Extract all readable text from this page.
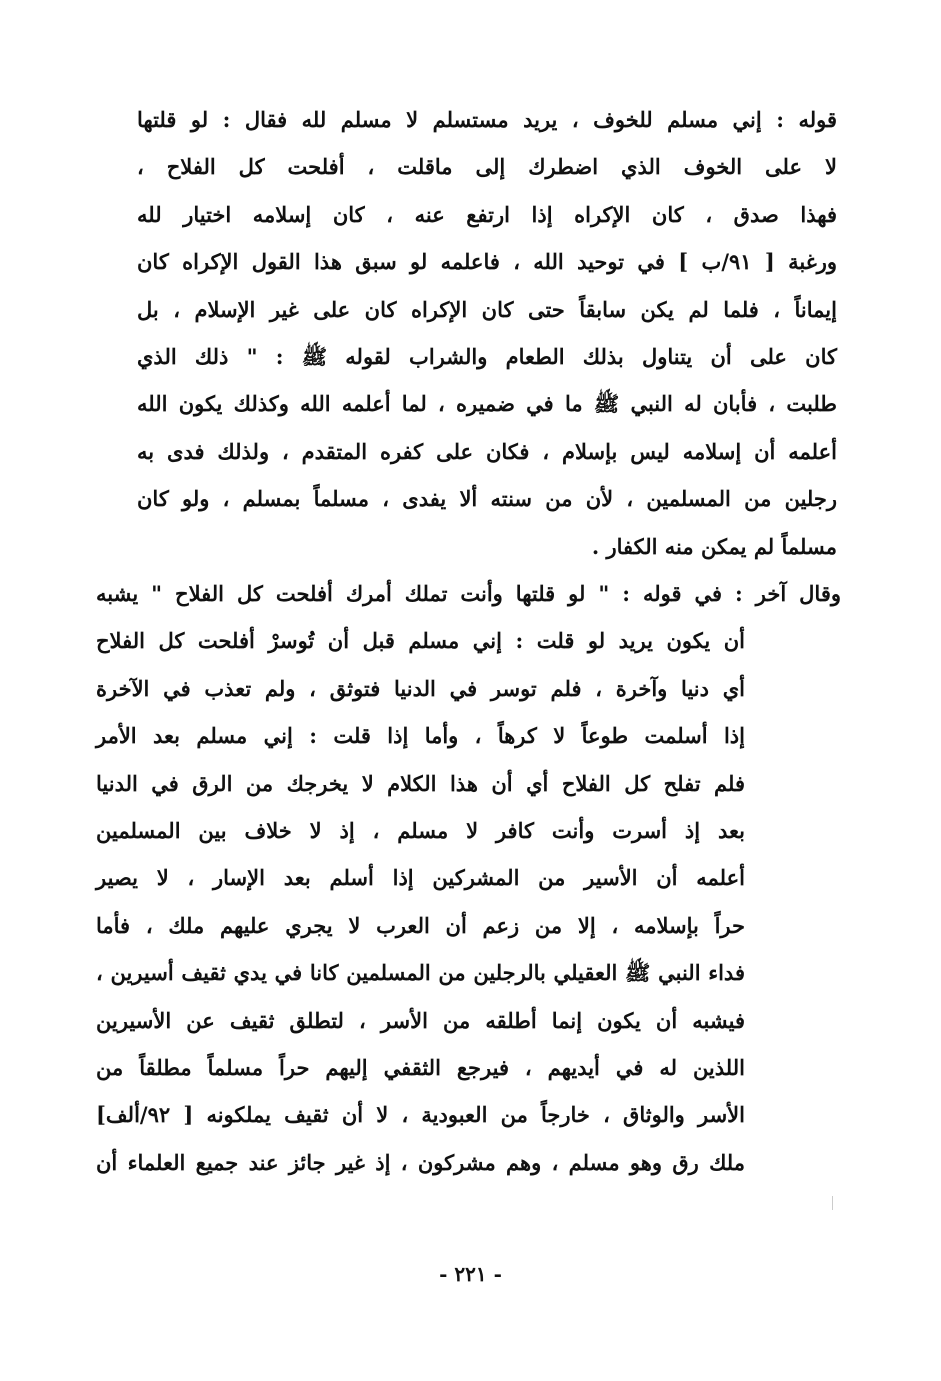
قوله : إني مسلم للخوف ، يريد مستسلم لا مسلم لله فقال : لو قلتها
لا على الخوف الذي اضطرك إلى ماقلت ، أفلحت كل الفلاح ،
فهذا صدق ، كان الإكراه إذا ارتفع عنه ، كان إسلامه اختيار لله
ورغبة [ ٩١/ب ] في توحيد الله ، فاعلمه لو سبق هذا القول الإكراه كان
إيماناً ، فلما لم يكن سابقاً حتى كان الإكراه كان على غير الإسلام ، بل
كان على أن يتناول بذلك الطعام والشراب لقوله ﷺ : " ذلك الذي
طلبت ، فأبان له النبي ﷺ ما في ضميره ، لما أعلمه الله وكذلك يكون الله
أعلمه أن إسلامه ليس بإسلام ، فكان على كفره المتقدم ، ولذلك فدى به
رجلين من المسلمين ، لأن من سنته ألا يفدى ، مسلماً بمسلم ، ولو كان
مسلماً لم يمكن منه الكفار .
وقال آخر : في قوله : " لو قلتها وأنت تملك أمرك أفلحت كل الفلاح " يشبه
أن يكون يريد لو قلت : إني مسلم قبل أن تُوسرْ أفلحت كل الفلاح
أي دنيا وآخرة ، فلم توسر في الدنيا فتوثق ، ولم تعذب في الآخرة
إذا أسلمت طوعاً لا كرهاً ، وأما إذا قلت : إني مسلم بعد الأمر
فلم تفلح كل الفلاح أي أن هذا الكلام لا يخرجك من الرق في الدنيا
بعد إذ أسرت وأنت كافر لا مسلم ، إذ لا خلاف بين المسلمين
أعلمه أن الأسير من المشركين إذا أسلم بعد الإسار ، لا يصير
حراً بإسلامه ، إلا من زعم أن العرب لا يجري عليهم ملك ، فأما
فداء النبي ﷺ العقيلي بالرجلين من المسلمين كانا في يدي ثقيف أسيرين ،
فيشبه أن يكون إنما أطلقه من الأسر ، لتطلق ثقيف عن الأسيرين
اللذين له في أيديهم ، فيرجع الثقفي إليهم حراً مسلماً مطلقاً من
الأسر والوثاق ، خارجاً من العبودية ، لا أن ثقيف يملكونه [ ٩٢/ألف]
ملك رق وهو مسلم ، وهم مشركون ، إذ غير جائز عند جميع العلماء أن
- ٢٢١ -
